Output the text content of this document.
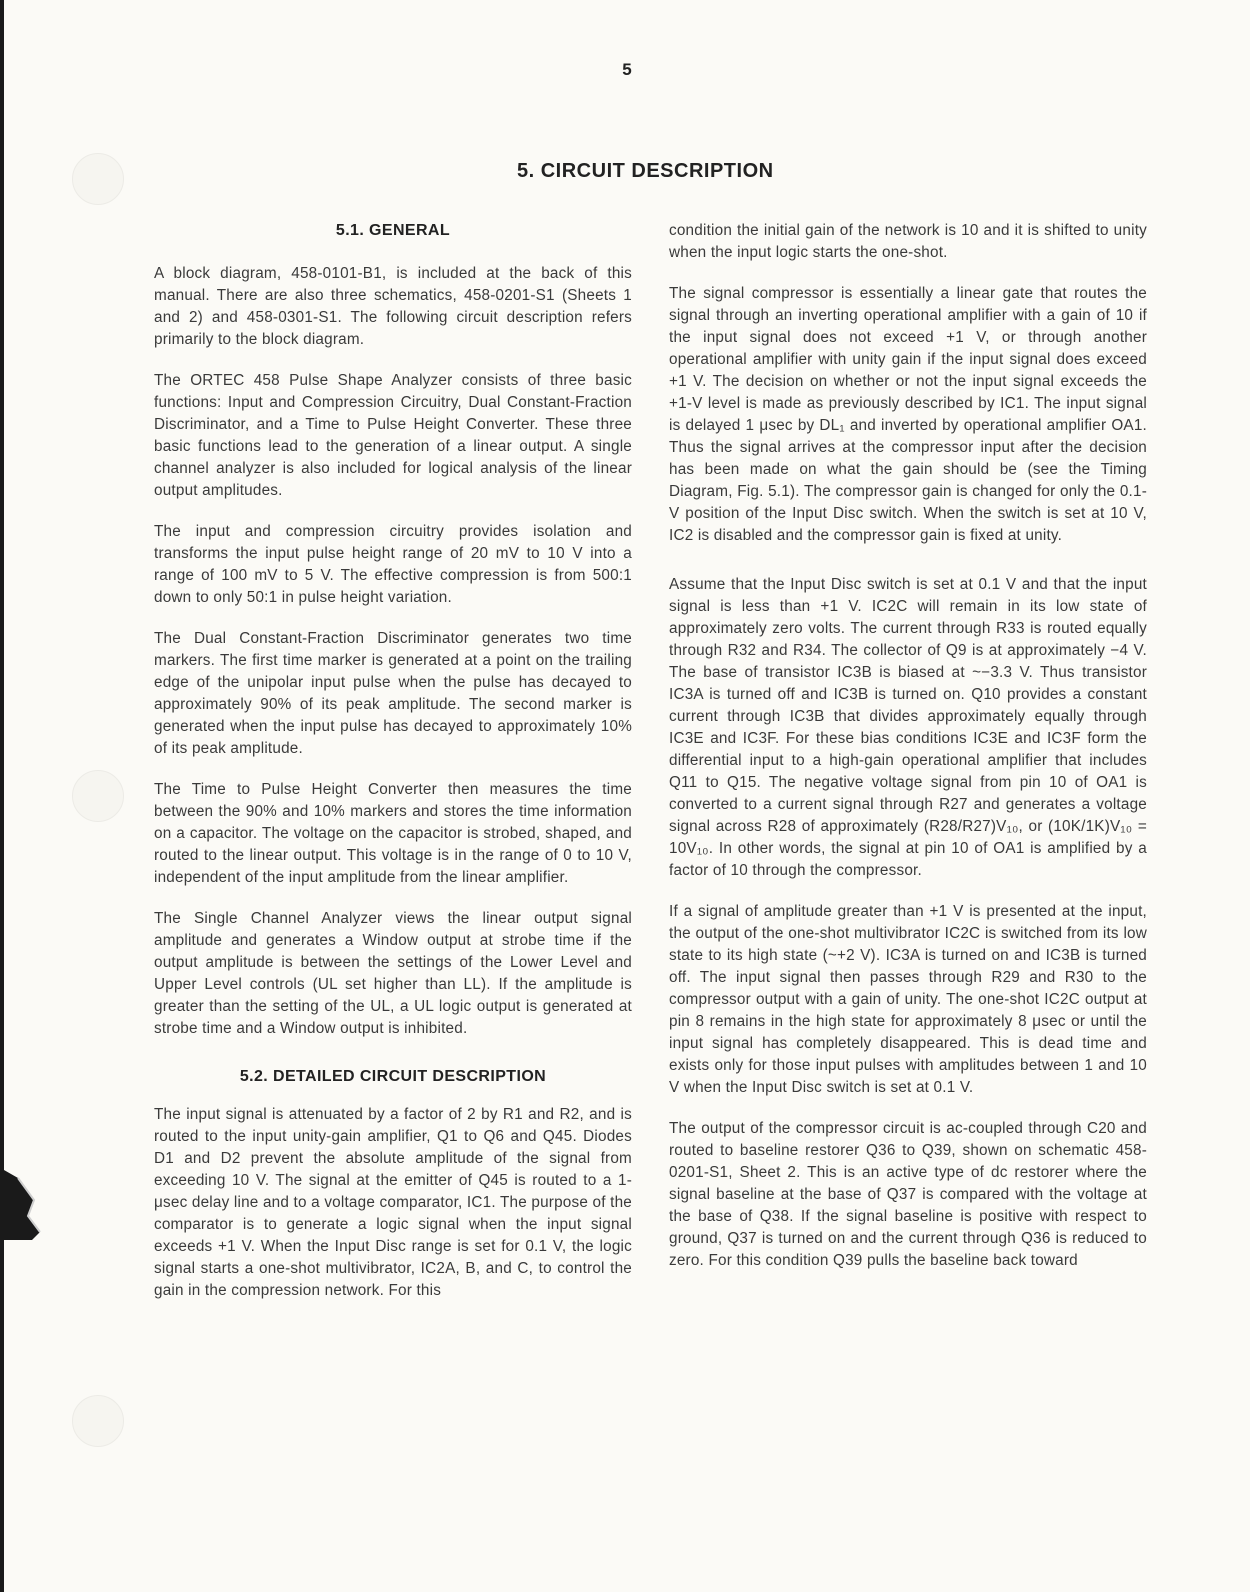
5
5. CIRCUIT DESCRIPTION
5.1. GENERAL

A block diagram, 458-0101-B1, is included at the back of this manual. There are also three schematics, 458-0201-S1 (Sheets 1 and 2) and 458-0301-S1. The following circuit description refers primarily to the block diagram.

The ORTEC 458 Pulse Shape Analyzer consists of three basic functions: Input and Compression Circuitry, Dual Constant-Fraction Discriminator, and a Time to Pulse Height Converter. These three basic functions lead to the generation of a linear output. A single channel analyzer is also included for logical analysis of the linear output amplitudes.

The input and compression circuitry provides isolation and transforms the input pulse height range of 20 mV to 10 V into a range of 100 mV to 5 V. The effective compression is from 500:1 down to only 50:1 in pulse height variation.

The Dual Constant-Fraction Discriminator generates two time markers. The first time marker is generated at a point on the trailing edge of the unipolar input pulse when the pulse has decayed to approximately 90% of its peak amplitude. The second marker is generated when the input pulse has decayed to approximately 10% of its peak amplitude.

The Time to Pulse Height Converter then measures the time between the 90% and 10% markers and stores the time information on a capacitor. The voltage on the capacitor is strobed, shaped, and routed to the linear output. This voltage is in the range of 0 to 10 V, independent of the input amplitude from the linear amplifier.

The Single Channel Analyzer views the linear output signal amplitude and generates a Window output at strobe time if the output amplitude is between the settings of the Lower Level and Upper Level controls (UL set higher than LL). If the amplitude is greater than the setting of the UL, a UL logic output is generated at strobe time and a Window output is inhibited.

5.2. DETAILED CIRCUIT DESCRIPTION

The input signal is attenuated by a factor of 2 by R1 and R2, and is routed to the input unity-gain amplifier, Q1 to Q6 and Q45. Diodes D1 and D2 prevent the absolute amplitude of the signal from exceeding 10 V. The signal at the emitter of Q45 is routed to a 1-μsec delay line and to a voltage comparator, IC1. The purpose of the comparator is to generate a logic signal when the input signal exceeds +1 V. When the Input Disc range is set for 0.1 V, the logic signal starts a one-shot multivibrator, IC2A, B, and C, to control the gain in the compression network. For this

condition the initial gain of the network is 10 and it is shifted to unity when the input logic starts the one-shot.

The signal compressor is essentially a linear gate that routes the signal through an inverting operational amplifier with a gain of 10 if the input signal does not exceed +1 V, or through another operational amplifier with unity gain if the input signal does exceed +1 V. The decision on whether or not the input signal exceeds the +1-V level is made as previously described by IC1. The input signal is delayed 1 μsec by DL₁ and inverted by operational amplifier OA1. Thus the signal arrives at the compressor input after the decision has been made on what the gain should be (see the Timing Diagram, Fig. 5.1). The compressor gain is changed for only the 0.1-V position of the Input Disc switch. When the switch is set at 10 V, IC2 is disabled and the compressor gain is fixed at unity.

Assume that the Input Disc switch is set at 0.1 V and that the input signal is less than +1 V. IC2C will remain in its low state of approximately zero volts. The current through R33 is routed equally through R32 and R34. The collector of Q9 is at approximately −4 V. The base of transistor IC3B is biased at ~−3.3 V. Thus transistor IC3A is turned off and IC3B is turned on. Q10 provides a constant current through IC3B that divides approximately equally through IC3E and IC3F. For these bias conditions IC3E and IC3F form the differential input to a high-gain operational amplifier that includes Q11 to Q15. The negative voltage signal from pin 10 of OA1 is converted to a current signal through R27 and generates a voltage signal across R28 of approximately (R28/R27)V₁₀, or (10K/1K)V₁₀ = 10V₁₀. In other words, the signal at pin 10 of OA1 is amplified by a factor of 10 through the compressor.

If a signal of amplitude greater than +1 V is presented at the input, the output of the one-shot multivibrator IC2C is switched from its low state to its high state (~+2 V). IC3A is turned on and IC3B is turned off. The input signal then passes through R29 and R30 to the compressor output with a gain of unity. The one-shot IC2C output at pin 8 remains in the high state for approximately 8 μsec or until the input signal has completely disappeared. This is dead time and exists only for those input pulses with amplitudes between 1 and 10 V when the Input Disc switch is set at 0.1 V.

The output of the compressor circuit is ac-coupled through C20 and routed to baseline restorer Q36 to Q39, shown on schematic 458-0201-S1, Sheet 2. This is an active type of dc restorer where the signal baseline at the base of Q37 is compared with the voltage at the base of Q38. If the signal baseline is positive with respect to ground, Q37 is turned on and the current through Q36 is reduced to zero. For this condition Q39 pulls the baseline back toward
